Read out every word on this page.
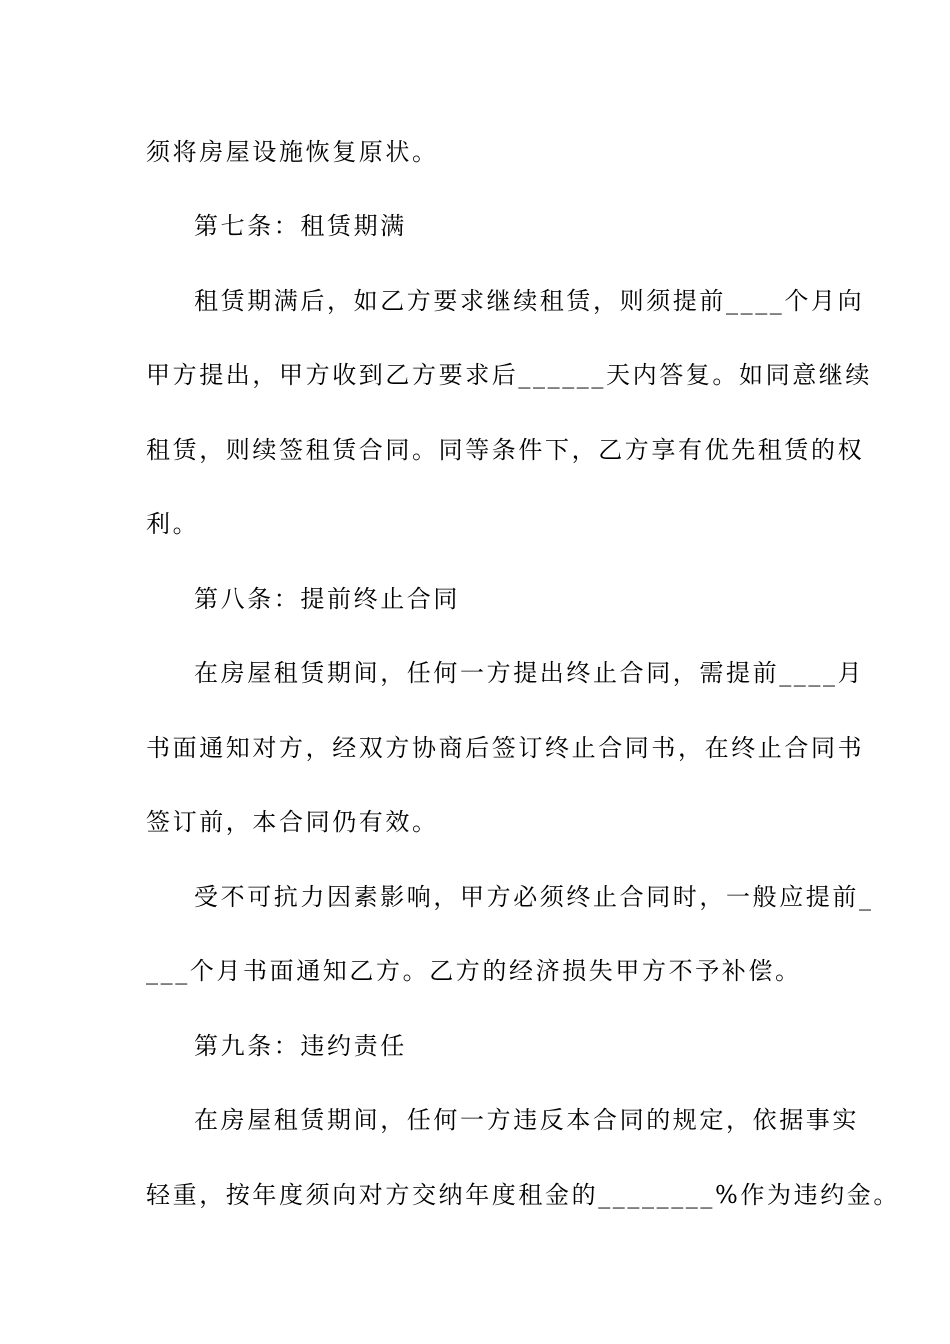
须将房屋设施恢复原状。
第七条：租赁期满
租赁期满后，如乙方要求继续租赁，则须提前____个月向
甲方提出，甲方收到乙方要求后______天内答复。如同意继续
租赁，则续签租赁合同。同等条件下，乙方享有优先租赁的权
利。
第八条：提前终止合同
在房屋租赁期间，任何一方提出终止合同，需提前____月
书面通知对方，经双方协商后签订终止合同书，在终止合同书
签订前，本合同仍有效。
受不可抗力因素影响，甲方必须终止合同时，一般应提前_
___个月书面通知乙方。乙方的经济损失甲方不予补偿。
第九条：违约责任
在房屋租赁期间，任何一方违反本合同的规定，依据事实
轻重，按年度须向对方交纳年度租金的________%作为违约金。
